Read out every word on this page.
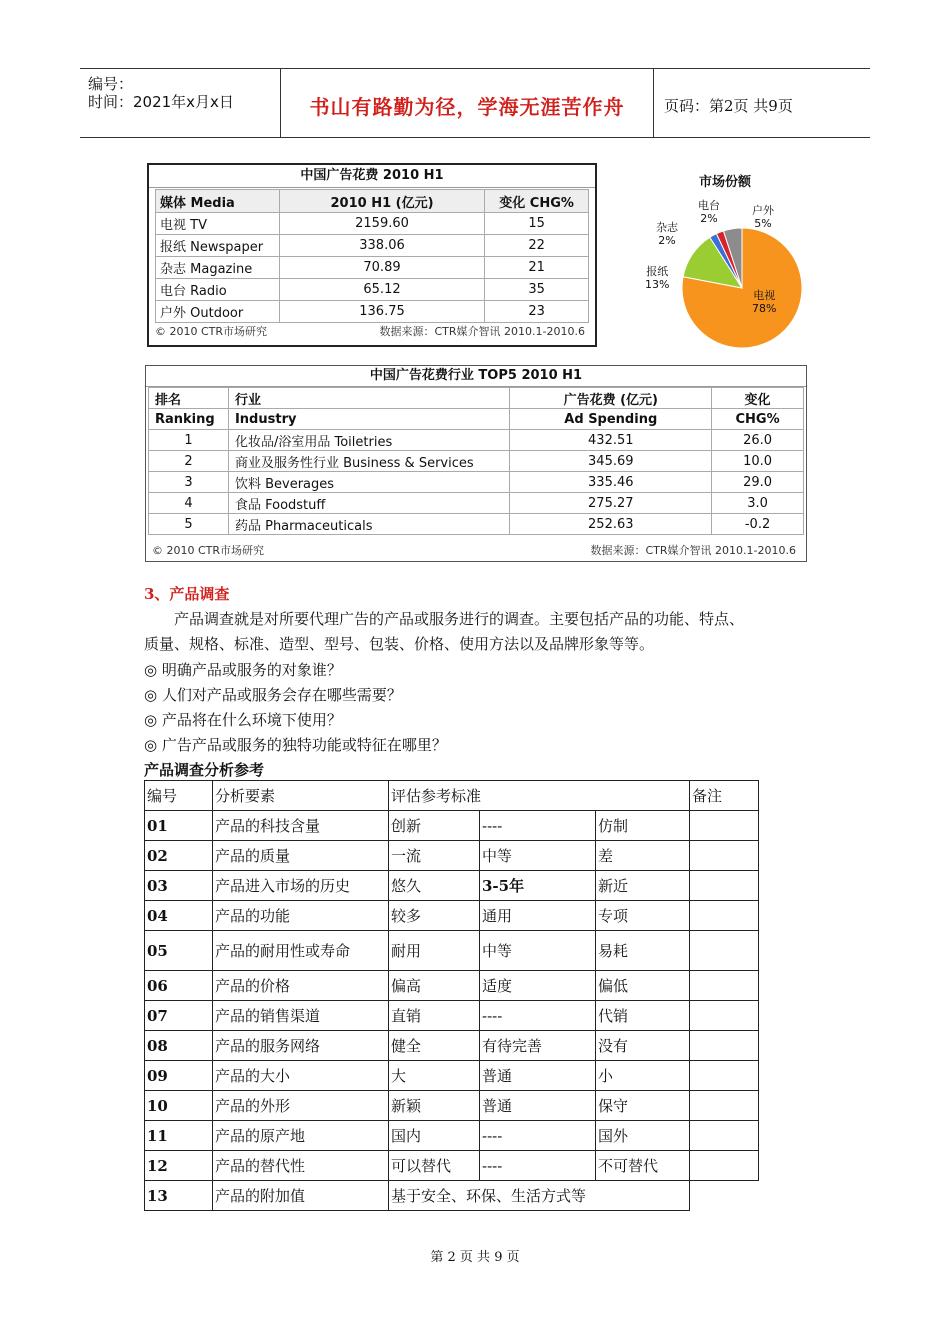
编号：
时间：2021年x月x日	书山有路勤为径，学海无涯苦作舟	页码：第2页 共9页
中国广告花费 2010 H1
媒体 Media	2010 H1 (亿元)	变化 CHG%
电视 TV	2159.60	15
报纸 Newspaper	338.06	22
杂志 Magazine	70.89	21
电台 Radio	65.12	35
户外 Outdoor	136.75	23
© 2010 CTR市场研究	数据来源：CTR媒介智讯 2010.1-2010.6
市场份额
电视
78%
报纸
13%
杂志
2%
电台
2%
户外
5%
中国广告花费行业 TOP5 2010 H1
排名	行业	广告花费 (亿元)	变化
Ranking	Industry	Ad Spending	CHG%
1	化妆品/浴室用品 Toiletries	432.51	26.0
2	商业及服务性行业 Business & Services	345.69	10.0
3	饮料 Beverages	335.46	29.0
4	食品 Foodstuff	275.27	3.0
5	药品 Pharmaceuticals	252.63	-0.2
© 2010 CTR市场研究	数据来源：CTR媒介智讯 2010.1-2010.6
3、产品调查
产品调查就是对所要代理广告的产品或服务进行的调查。主要包括产品的功能、特点、
质量、规格、标准、造型、型号、包装、价格、使用方法以及品牌形象等等。
◎ 明确产品或服务的对象谁？
◎ 人们对产品或服务会存在哪些需要？
◎ 产品将在什么环境下使用？
◎ 广告产品或服务的独特功能或特征在哪里？
产品调查分析参考
编号	分析要素	评估参考标准			备注
01	产品的科技含量	创新	----	仿制	
02	产品的质量	一流	中等	差	
03	产品进入市场的历史	悠久	3-5年	新近	
04	产品的功能	较多	通用	专项	
05	产品的耐用性或寿命	耐用	中等	易耗	
06	产品的价格	偏高	适度	偏低	
07	产品的销售渠道	直销	----	代销	
08	产品的服务网络	健全	有待完善	没有	
09	产品的大小	大	普通	小	
10	产品的外形	新颖	普通	保守	
11	产品的原产地	国内	----	国外	
12	产品的替代性	可以替代	----	不可替代	
13	产品的附加值	基于安全、环保、生活方式等			
第 2 页 共 9 页
